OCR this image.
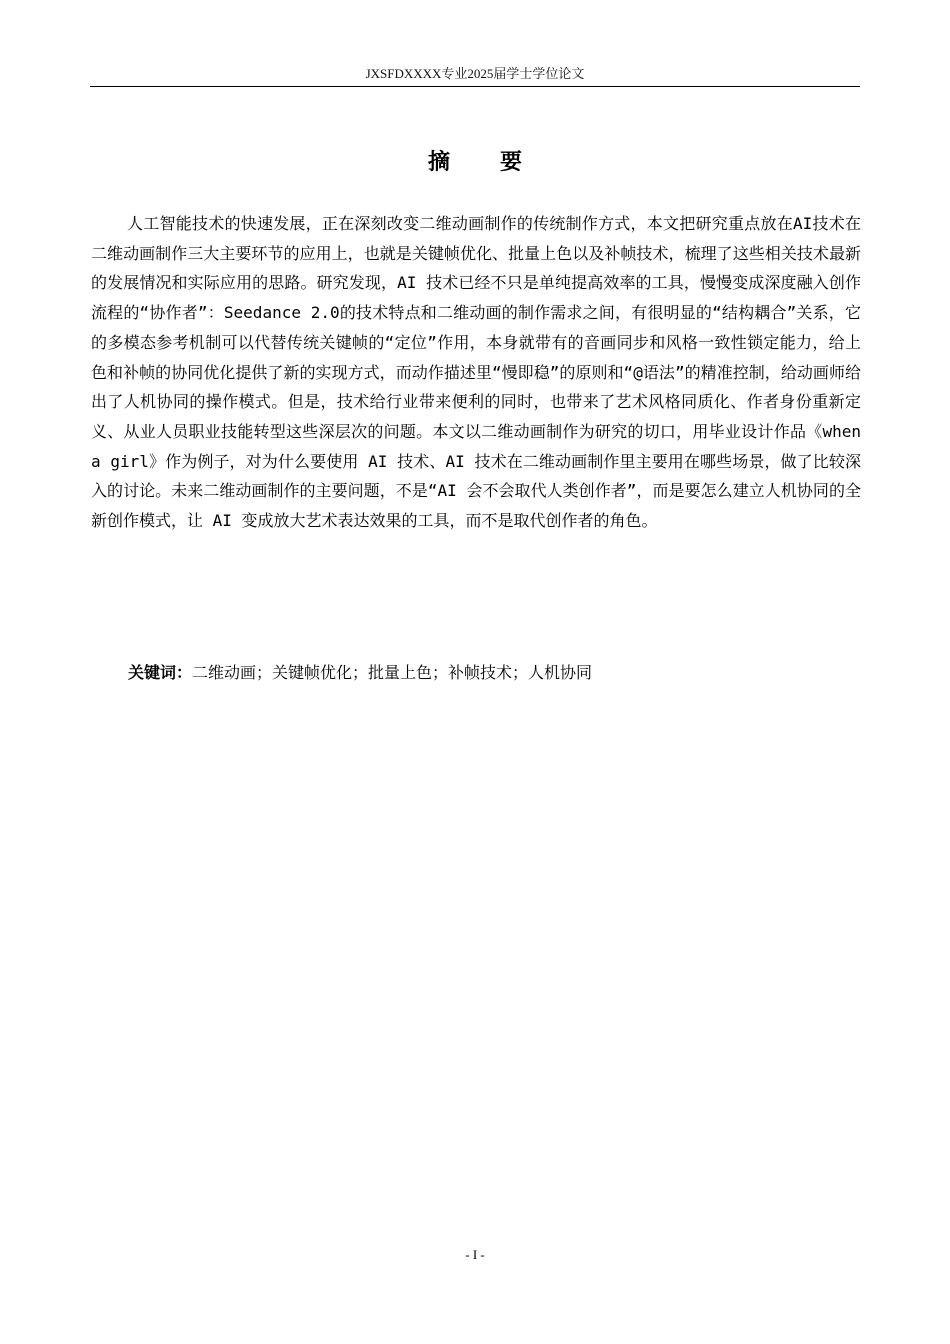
JXSFDXXXX专业2025届学士学位论文
摘 要

人工智能技术的快速发展，正在深刻改变二维动画制作的传统制作方式，本文把研究重点放在AI技术在二维动画制作三大主要环节的应用上，也就是关键帧优化、批量上色以及补帧技术，梳理了这些相关技术最新的发展情况和实际应用的思路。研究发现，AI 技术已经不只是单纯提高效率的工具，慢慢变成深度融入创作流程的“协作者”：Seedance 2.0的技术特点和二维动画的制作需求之间，有很明显的“结构耦合”关系，它的多模态参考机制可以代替传统关键帧的“定位”作用，本身就带有的音画同步和风格一致性锁定能力，给上色和补帧的协同优化提供了新的实现方式，而动作描述里“慢即稳”的原则和“@语法”的精准控制，给动画师给出了人机协同的操作模式。但是，技术给行业带来便利的同时，也带来了艺术风格同质化、作者身份重新定义、从业人员职业技能转型这些深层次的问题。本文以二维动画制作为研究的切口，用毕业设计作品《when a girl》作为例子，对为什么要使用 AI 技术、AI 技术在二维动画制作里主要用在哪些场景，做了比较深入的讨论。未来二维动画制作的主要问题，不是“AI 会不会取代人类创作者”，而是要怎么建立人机协同的全新创作模式，让 AI 变成放大艺术表达效果的工具，而不是取代创作者的角色。

关键词：二维动画；关键帧优化；批量上色；补帧技术；人机协同

- I -
